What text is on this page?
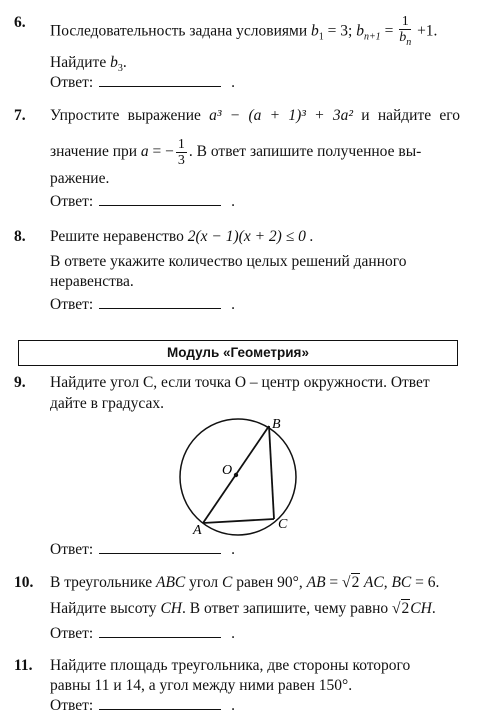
6. Последовательность задана условиями $b_1 = 3$; $b_{n+1} = \frac{1}{b_n} +1$.
Найдите $b_3$.
Ответ:	.
7. Упростите выражение a³ − (a + 1)³ + 3a² и найдите его
значение при a = − $\frac{1}{3}$ . В ответ запишите полученное вы-
ражение.
Ответ:	.
8. Решите неравенство 2(x − 1)(x + 2) ≤ 0 .
В ответе укажите количество целых решений данного
неравенства.
Ответ:	.
Модуль «Геометрия»
9. Найдите угол C, если точка O – центр окружности. Ответ
дайте в градусах.
O
B
A	C
Ответ:	.
10. В треугольнике ABC угол C равен 90°, AB = √2 AC, BC = 6.
Найдите высоту CH. В ответ запишите, чему равно √2CH.
Ответ:	.
11. Найдите площадь треугольника, две стороны которого
равны 11 и 14, а угол между ними равен 150°.
Ответ:	.
